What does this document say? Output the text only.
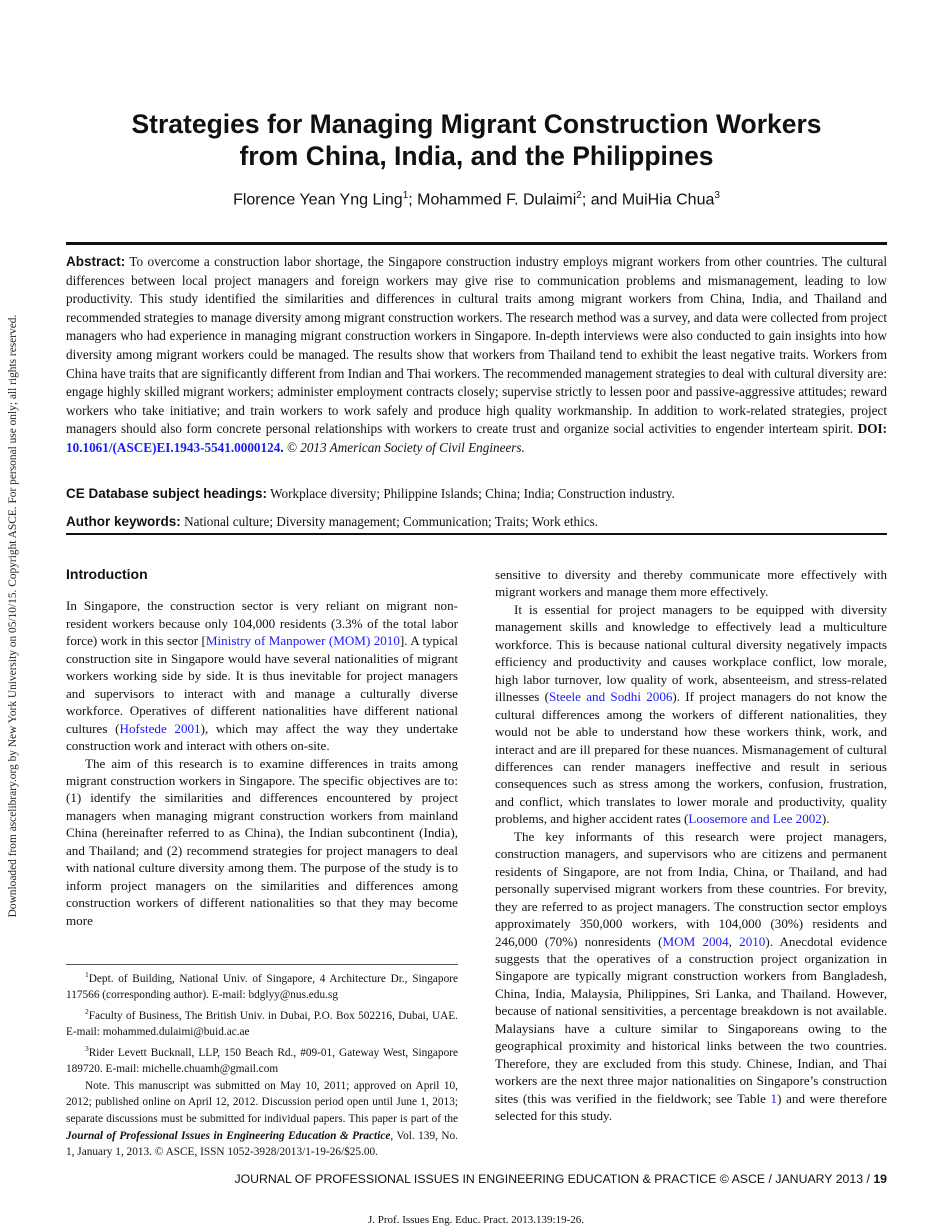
Downloaded from ascelibrary.org by New York University on 05/10/15. Copyright ASCE. For personal use only; all rights reserved.
Strategies for Managing Migrant Construction Workers
from China, India, and the Philippines
Florence Yean Yng Ling$^1$; Mohammed F. Dulaimi$^2$; and MuiHia Chua$^3$
Abstract: To overcome a construction labor shortage, the Singapore construction industry employs migrant workers from other countries. The cultural differences between local project managers and foreign workers may give rise to communication problems and mismanagement, leading to low productivity. This study identified the similarities and differences in cultural traits among migrant workers from China, India, and Thailand and recommended strategies to manage diversity among migrant construction workers. The research method was a survey, and data were collected from project managers who had experience in managing migrant construction workers in Singapore. In-depth interviews were also conducted to gain insights into how diversity among migrant workers could be managed. The results show that workers from Thailand tend to exhibit the least negative traits. Workers from China have traits that are significantly different from Indian and Thai workers. The recommended management strategies to deal with cultural diversity are: engage highly skilled migrant workers; administer employment contracts closely; supervise strictly to lessen poor and passive-aggressive attitudes; reward workers who take initiative; and train workers to work safely and produce high quality workmanship. In addition to work-related strategies, project managers should also form concrete personal relationships with workers to create trust and organize social activities to engender interteam spirit. DOI: 10.1061/(ASCE)EI.1943-5541.0000124. © 2013 American Society of Civil Engineers.
CE Database subject headings: Workplace diversity; Philippine Islands; China; India; Construction industry.
Author keywords: National culture; Diversity management; Communication; Traits; Work ethics.
Introduction

In Singapore, the construction sector is very reliant on migrant non-resident workers because only 104,000 residents (3.3% of the total labor force) work in this sector [Ministry of Manpower (MOM) 2010]. A typical construction site in Singapore would have several nationalities of migrant workers working side by side. It is thus inevitable for project managers and supervisors to interact with and manage a culturally diverse workforce. Operatives of different nationalities have different national cultures (Hofstede 2001), which may affect the way they undertake construction work and interact with others on-site.

The aim of this research is to examine differences in traits among migrant construction workers in Singapore. The specific objectives are to: (1) identify the similarities and differences encountered by project managers when managing migrant construction workers from mainland China (hereinafter referred to as China), the Indian subcontinent (India), and Thailand; and (2) recommend strategies for project managers to deal with national culture diversity among them. The purpose of the study is to inform project managers on the similarities and differences among construction workers of different nationalities so that they may become more

sensitive to diversity and thereby communicate more effectively with migrant workers and manage them more effectively.

It is essential for project managers to be equipped with diversity management skills and knowledge to effectively lead a multiculture workforce. This is because national cultural diversity negatively impacts efficiency and productivity and causes workplace conflict, low morale, high labor turnover, low quality of work, absenteeism, and stress-related illnesses (Steele and Sodhi 2006). If project managers do not know the cultural differences among the workers of different nationalities, they would not be able to understand how these workers think, work, and interact and are ill prepared for these nuances. Mismanagement of cultural differences can render managers ineffective and result in serious consequences such as stress among the workers, confusion, frustration, and conflict, which translates to lower morale and productivity, quality problems, and higher accident rates (Loosemore and Lee 2002).

The key informants of this research were project managers, construction managers, and supervisors who are citizens and permanent residents of Singapore, are not from India, China, or Thailand, and had personally supervised migrant workers from these countries. For brevity, they are referred to as project managers. The construction sector employs approximately 350,000 workers, with 104,000 (30%) residents and 246,000 (70%) nonresidents (MOM 2004, 2010). Anecdotal evidence suggests that the operatives of a construction project organization in Singapore are typically migrant construction workers from Bangladesh, China, India, Malaysia, Philippines, Sri Lanka, and Thailand. However, because of national sensitivities, a percentage breakdown is not available. Malaysians have a culture similar to Singaporeans owing to the geographical proximity and historical links between the two countries. Therefore, they are excluded from this study. Chinese, Indian, and Thai workers are the next three major nationalities on Singapore’s construction sites (this was verified in the fieldwork; see Table 1) and were therefore selected for this study.

$^1$Dept. of Building, National Univ. of Singapore, 4 Architecture Dr., Singapore 117566 (corresponding author). E-mail: bdglyy@nus.edu.sg

$^2$Faculty of Business, The British Univ. in Dubai, P.O. Box 502216, Dubai, UAE. E-mail: mohammed.dulaimi@buid.ac.ae

$^3$Rider Levett Bucknall, LLP, 150 Beach Rd., #09-01, Gateway West, Singapore 189720. E-mail: michelle.chuamh@gmail.com

Note. This manuscript was submitted on May 10, 2011; approved on April 10, 2012; published online on April 12, 2012. Discussion period open until June 1, 2013; separate discussions must be submitted for individual papers. This paper is part of the Journal of Professional Issues in Engineering Education & Practice, Vol. 139, No. 1, January 1, 2013. © ASCE, ISSN 1052-3928/2013/1-19-26/$25.00.

JOURNAL OF PROFESSIONAL ISSUES IN ENGINEERING EDUCATION & PRACTICE © ASCE / JANUARY 2013 / 19
J. Prof. Issues Eng. Educ. Pract. 2013.139:19-26.
